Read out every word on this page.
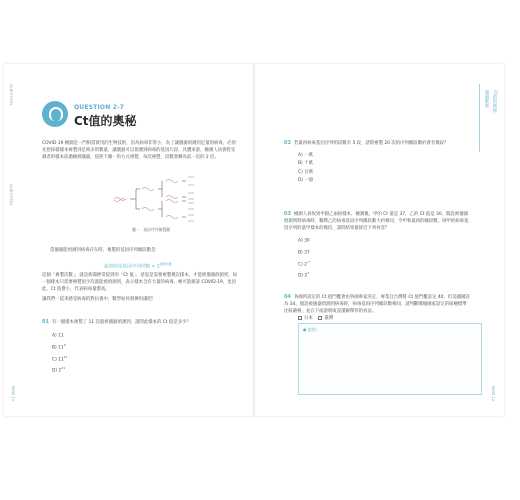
QUESTION
QUESTION
QUESTION 2-7
Ct值的奧秘
COVID-19 檢測是一門相當實用的生物技術，因為病毒非常小，為了讓儀器偵測到足量的病毒，必須先把採樣樣本複製到足夠多的數量，讓儀器可以偵測到病毒的基因片段，具體來說，檢測人員會將受測者的樣本依循檢測儀器，依照下圖一的方式複製，每次複製，段數會擴為前一次的 2 倍。
圖一　基因序列複製圖
當儀器能偵測到病毒存在時，複製的基因序列總段數是：
最初病毒基因序列段數 × $2^{複製次數}$
這個「複製次數」，就是新聞裡常提到的「Ct 值」，意思是需要複製幾次樣本，才能被儀器偵測到，如一個樣本只需要複製很少次就能被偵測到，表示樣本含有大量的病毒，極可能確診 COVID-19，也因此，Ct 值愈小，代表病毒量愈高。
讓我們一起來感受病毒的對抗番中，數學如何發揮用處吧！
01 有一個樣本複製了 11 次就被儀器偵測到，請問此樣本的 Ct 值是多少？
A) 11
B) $11^2$
C) $11^{11}$
D) $2^{11}$
PAGE 11
閱讀素養 Ct值的奧秘
02 若最初病毒基因序列的段數有 5 段，請問複製 20 次的序列總段數約會有幾段？
A) 一萬
B) 十萬
C) 百萬
D) 一億
03 檢測人員收到甲跟乙兩組樣本，檢測後，甲的 Ct 值是 37，乙的 Ct 值是 30，假設被儀器偵測到時病毒時，稀釋乙的病毒基因序列總段數大約相同，令甲和最初的總段數，則甲的病毒基因序列的量甲樣本的幾倍，請問結果最接近下列何者？
A) 30
B) 37
C) $2^{-7}$
D) $2^7$
04 各國所設定的 Ct 值門檻會由各國專家決定，專業且台灣將 Ct 值門檻設定 40，但美國國設為 34，假設被儀器偵測到病毒時，病毒基因序列總段數相同，請判斷哪個國家設定的採檢標準比較嚴格，並在下面說明或誤讀解釋你的看法。
日本	臺灣
● 說明：
PAGE 12
